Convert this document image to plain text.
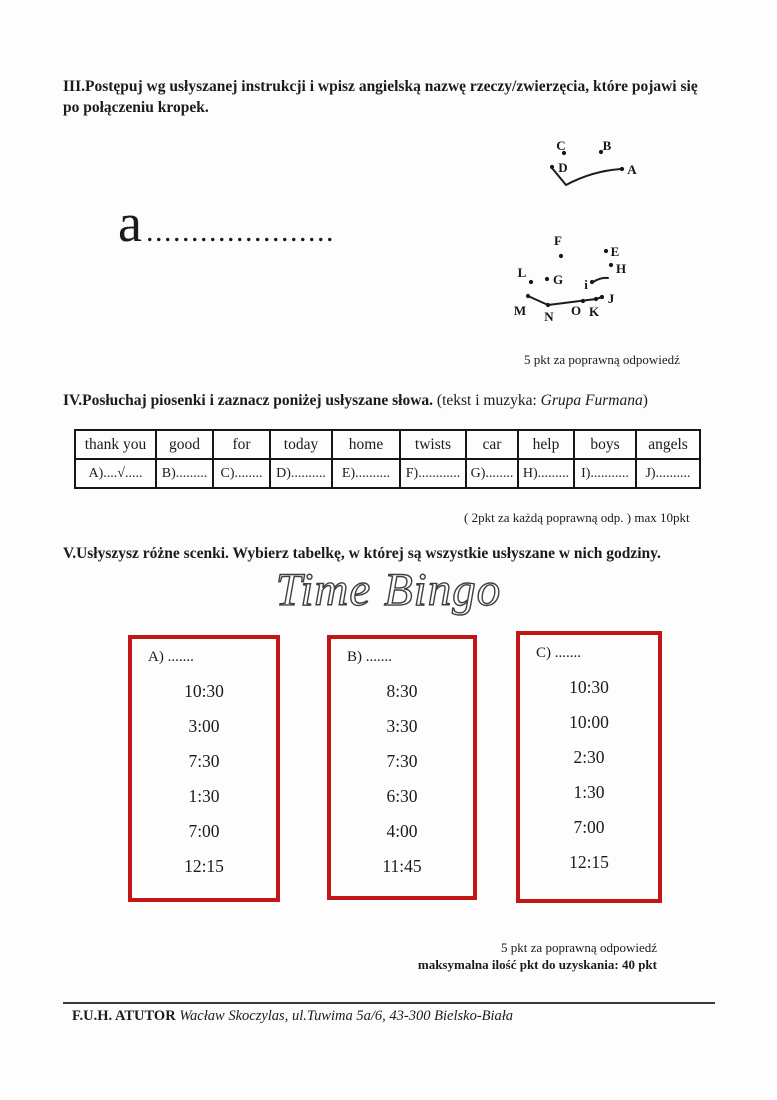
III.Postępuj wg usłyszanej instrukcji i wpisz angielską nazwę rzeczy/zwierzęcia, które pojawi się po połączeniu kropek.
C	B
D	A
F
E
L G
H
i
M N O K
J
a .....................
5 pkt za poprawną odpowiedź
IV.Posłuchaj piosenki i zaznacz poniżej usłyszane słowa. (tekst i muzyka: Grupa Furmana)
thank you	good	for	today	home	twists	car	help	boys	angels
A)....√.....	B).........	C)........	D)..........	E)..........	F)............	G)........	H).........	I)...........	J)..........
( 2pkt za każdą poprawną odp. ) max 10pkt
V.Usłyszysz różne scenki. Wybierz tabelkę, w której są wszystkie usłyszane w nich godziny.
Time Bingo
A) .......
10:30
3:00
7:30
1:30
7:00
12:15
B) .......
8:30
3:30
7:30
6:30
4:00
11:45
C) .......
10:30
10:00
2:30
1:30
7:00
12:15
5 pkt za poprawną odpowiedź
maksymalna ilość pkt do uzyskania: 40 pkt
F.U.H. ATUTOR Wacław Skoczylas, ul.Tuwima 5a/6, 43-300 Bielsko-Biała
